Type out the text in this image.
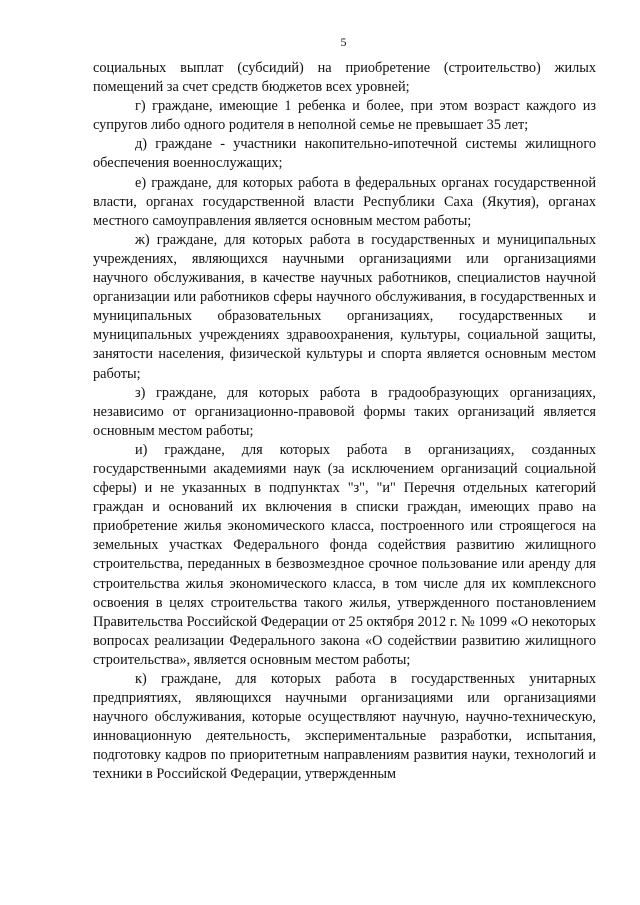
5

социальных выплат (субсидий) на приобретение (строительство) жилых помещений за счет средств бюджетов всех уровней;

г) граждане, имеющие 1 ребенка и более, при этом возраст каждого из супругов либо одного родителя в неполной семье не превышает 35 лет;

д) граждане - участники накопительно-ипотечной системы жилищного обеспечения военнослужащих;

е) граждане, для которых работа в федеральных органах государственной власти, органах государственной власти Республики Саха (Якутия), органах местного самоуправления является основным местом работы;

ж) граждане, для которых работа в государственных и муниципальных учреждениях, являющихся научными организациями или организациями научного обслуживания, в качестве научных работников, специалистов научной организации или работников сферы научного обслуживания, в государственных и муниципальных образовательных организациях, государственных и муниципальных учреждениях здравоохранения, культуры, социальной защиты, занятости населения, физической культуры и спорта является основным местом работы;

з) граждане, для которых работа в градообразующих организациях, независимо от организационно-правовой формы таких организаций является основным местом работы;

и) граждане, для которых работа в организациях, созданных государственными академиями наук (за исключением организаций социальной сферы) и не указанных в подпунктах "з", "и" Перечня отдельных категорий граждан и оснований их включения в списки граждан, имеющих право на приобретение жилья экономического класса, построенного или строящегося на земельных участках Федерального фонда содействия развитию жилищного строительства, переданных в безвозмездное срочное пользование или аренду для строительства жилья экономического класса, в том числе для их комплексного освоения в целях строительства такого жилья, утвержденного постановлением Правительства Российской Федерации от 25 октября 2012 г. № 1099 «О некоторых вопросах реализации Федерального закона «О содействии развитию жилищного строительства», является основным местом работы;

к) граждане, для которых работа в государственных унитарных предприятиях, являющихся научными организациями или организациями научного обслуживания, которые осуществляют научную, научно-техническую, инновационную деятельность, экспериментальные разработки, испытания, подготовку кадров по приоритетным направлениям развития науки, технологий и техники в Российской Федерации, утвержденным
